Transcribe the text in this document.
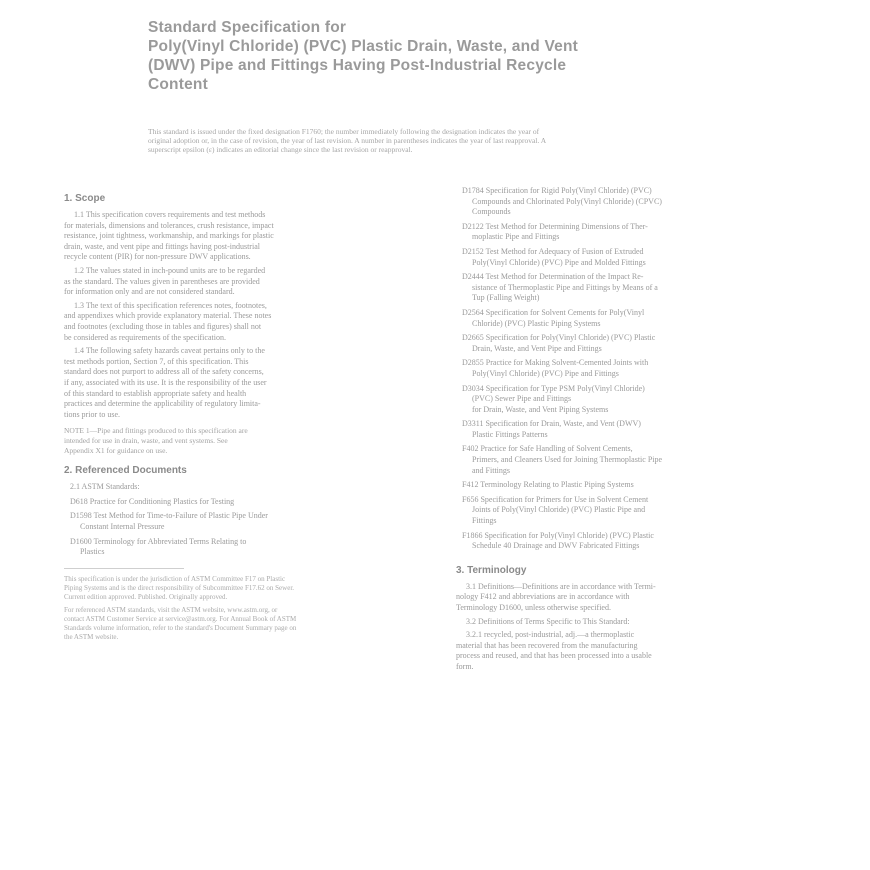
Standard Specification for
Poly(Vinyl Chloride) (PVC) Plastic Drain, Waste, and Vent
(DWV) Pipe and Fittings Having Post-Industrial Recycle
Content
This standard is issued under the fixed designation F1760; the number immediately following the designation indicates the year of
original adoption or, in the case of revision, the year of last revision. A number in parentheses indicates the year of last reapproval. A
superscript epsilon (ε) indicates an editorial change since the last revision or reapproval.
1. Scope
1.1 This specification covers requirements and test methods
for materials, dimensions and tolerances, crush resistance, impact
resistance, joint tightness, workmanship, and markings for plastic
drain, waste, and vent pipe and fittings having post-industrial
recycle content (PIR) for non-pressure DWV applications.
1.2 The values stated in inch-pound units are to be regarded
as the standard. The values given in parentheses are provided
for information only and are not considered standard.
1.3 The text of this specification references notes, footnotes,
and appendixes which provide explanatory material. These notes
and footnotes (excluding those in tables and figures) shall not
be considered as requirements of the specification.
1.4 The following safety hazards caveat pertains only to the
test methods portion, Section 7, of this specification. This
standard does not purport to address all of the safety concerns,
if any, associated with its use. It is the responsibility of the user
of this standard to establish appropriate safety and health
practices and determine the applicability of regulatory limita-
tions prior to use.
NOTE 1—Pipe and fittings produced to this specification are
intended for use in drain, waste, and vent systems. See
Appendix X1 for guidance on use.
2. Referenced Documents
2.1 ASTM Standards:
D618 Practice for Conditioning Plastics for Testing
D1598 Test Method for Time-to-Failure of Plastic Pipe Under
Constant Internal Pressure
D1600 Terminology for Abbreviated Terms Relating to
Plastics
This specification is under the jurisdiction of ASTM Committee F17 on Plastic
Piping Systems and is the direct responsibility of Subcommittee F17.62 on Sewer.
Current edition approved. Published. Originally approved.
For referenced ASTM standards, visit the ASTM website, www.astm.org, or
contact ASTM Customer Service at service@astm.org. For Annual Book of ASTM
Standards volume information, refer to the standard's Document Summary page on
the ASTM website.
D1784 Specification for Rigid Poly(Vinyl Chloride) (PVC)
Compounds and Chlorinated Poly(Vinyl Chloride) (CPVC)
Compounds
D2122 Test Method for Determining Dimensions of Ther-
moplastic Pipe and Fittings
D2152 Test Method for Adequacy of Fusion of Extruded
Poly(Vinyl Chloride) (PVC) Pipe and Molded Fittings
D2444 Test Method for Determination of the Impact Re-
sistance of Thermoplastic Pipe and Fittings by Means of a
Tup (Falling Weight)
D2564 Specification for Solvent Cements for Poly(Vinyl
Chloride) (PVC) Plastic Piping Systems
D2665 Specification for Poly(Vinyl Chloride) (PVC) Plastic
Drain, Waste, and Vent Pipe and Fittings
D2855 Practice for Making Solvent-Cemented Joints with
Poly(Vinyl Chloride) (PVC) Pipe and Fittings
D3034 Specification for Type PSM Poly(Vinyl Chloride)
(PVC) Sewer Pipe and Fittings
for Drain, Waste, and Vent Piping Systems
D3311 Specification for Drain, Waste, and Vent (DWV)
Plastic Fittings Patterns
F402 Practice for Safe Handling of Solvent Cements,
Primers, and Cleaners Used for Joining Thermoplastic Pipe
and Fittings
F412 Terminology Relating to Plastic Piping Systems
F656 Specification for Primers for Use in Solvent Cement
Joints of Poly(Vinyl Chloride) (PVC) Plastic Pipe and
Fittings
F1866 Specification for Poly(Vinyl Chloride) (PVC) Plastic
Schedule 40 Drainage and DWV Fabricated Fittings
3. Terminology
3.1 Definitions—Definitions are in accordance with Termi-
nology F412 and abbreviations are in accordance with
Terminology D1600, unless otherwise specified.
3.2 Definitions of Terms Specific to This Standard:
3.2.1 recycled, post-industrial, adj.—a thermoplastic
material that has been recovered from the manufacturing
process and reused, and that has been processed into a usable
form.
